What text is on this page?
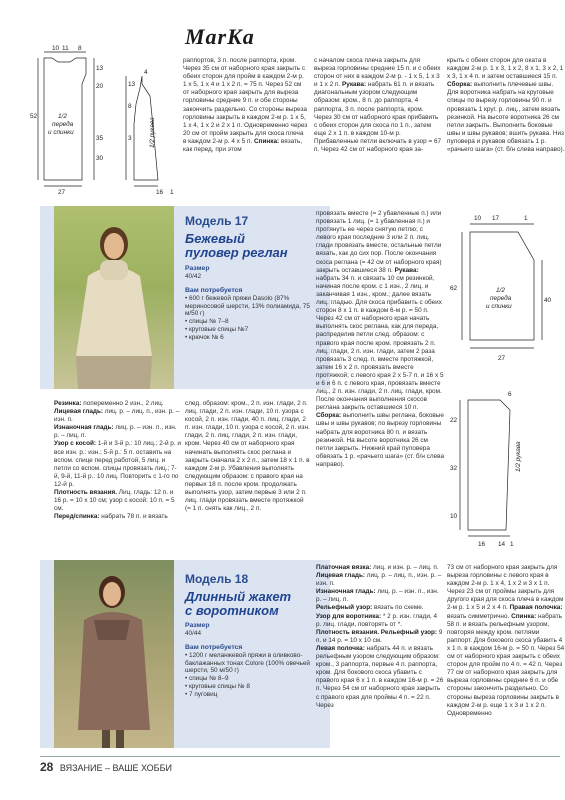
MarKa
10 11 8
13
20
52	1/2
переда
и спинки
35
30
27
13
4
1/2 рукава
16 1
3
8
раппортов, 3 п. после раппорта, кром. Через 35 см от наборного края закрыть с обеих сторон для пройм в каждом 2-м р. 1 х 5, 1 х 4 и 1 х 2 п. = 75 п. Через 52 см от наборного края закрыть для выреза горловины средние 9 п. и обе стороны закончить раздельно. Со стороны выреза горловины закрыть в каждом 2-м р. 1 х 5, 1 х 4, 1 х 2 и 2 х 1 п. Одновременно через 20 см от пройм закрыть для скоса плеча в каждом 2-м р. 4 х 5 п. Спинка: вязать, как перед, при этом
с началом скоса плеча закрыть для выреза горловины средние 15 п. и с обеих сторон от них в каждом 2-м р. - 1 х 5, 1 х 3 и 1 х 2 п. Рукава: набрать 61 п. и вязать диагональным узором следующим образом: кром., 8 п. до раппорта, 4 раппорта, 3 п. после раппорта, кром. Через 30 см от наборного края прибавить с обеих сторон для скоса по 1 п., затем еще 2 х 1 п. в каждом 10-м р. Прибавленные петли включать в узор = 67 п. Через 42 см от наборного края за-
крыть с обеих сторон для окатa в каждом 2-м р. 1 х 3, 1 х 2, 8 х 1, 3 х 2, 1 х 3, 1 х 4 п. и затем оставшиеся 15 п. Сборка: выполнить плечевые швы. Для воротника набрать на круговые спицы по вырезу горловины 90 п. и провязать 1 круг. р. лиц., затем вязать резинкой. На высоте воротника 26 см петли закрыть. Выполнить боковые швы и швы рукавов; вшить рукава. Низ пуловера и рукавов обвязать 1 р. «рачьего шага» (ст. б/н слева направо).
Модель 17
Бежевый
пуловер реглан
Размер
40/42
Вам потребуется
• 600 г бежевой пряжи Dasolo (87% мериносовой шерсти, 13% полиамида, 75 м/50 г)
• спицы № 7–8
• круговые спицы №7
• крючок № 6
провязать вместе (= 2 убавленные п.) или провязать 1 лиц. (= 1 убавленная п.) и протянуть ее через снятую петлю; с левого края последние 3 или 2 п. лиц. глади провязать вместе, остальные петли вязать, как до сих пор. После окончания скоса реглана (= 42 см от наборного края) закрыть оставшиеся 38 п. Рукава: набрать 34 п. и связать 10 см резинкой, начиная после кром. с 1 изн., 2 лиц. и заканчивая 1 изн., кром.; далее вязать лиц. гладью. Для скоса прибавить с обеих сторон 8 х 1 п. в каждом 6-м р. = 50 п. Через 42 см от наборного края начать выполнять скос реглана, как для переда, распределив петли след. образом: с правого края после кром. провязать 2 п. лиц. глади, 2 п. изн. глади, затем 2 раза провязать 3 след. п. вместе протяжкой, затем 16 х 2 п. провязать вместе протяжкой; с левого края 2 х 5-7 п. и 16 х 5 и 6 и 6 п. с левого края, провязать вместе лиц., 2 п. изн. глади, 2 п. лиц. глади, кром. После окончания выполнения скосов реглана закрыть оставшиеся 10 п. Сборка: выполнить швы реглана, боковые швы и швы рукавов; по вырезу горловины набрать для воротника 80 п. и вязать резинкой. На высоте воротника 26 см петли закрыть. Нижний край пуловера обвязать 1 р. «рачьего шага» (ст. б/н слева направо).
Резинка: попеременно 2 изн., 2 лиц.
Лицевая гладь: лиц. р. – лиц. п., изн. р. – изн. п.
Изнаночная гладь: лиц. р. – изн. п., изн. р. – лиц. п.
Узор с косой: 1-й и 3-й р.: 10 лиц.; 2-й р. и все изн. р.: изн.; 5-й р.: 5 п. оставить на вспом. спице перед работой, 5 лиц. и петли со вспом. спицы провязать лиц.; 7-й, 9-й, 11-й р.: 10 лиц. Повторить с 1-го по 12-й р.
Плотность вязания. Лиц. гладь: 12 п. и 16 р. = 10 х 10 см; узор с косой: 10 п. = 5 см.
Перед/спинка: набрать 78 п. и вязать
след. образом: кром., 2 п. изн. глади, 2 п. лиц. глади, 2 п. изн. глади, 10 п. узора с косой, 2 п. изн. глади, 40 п. лиц. глади, 2 п. изн. глади, 10 п. узора с косой, 2 п. изн. глади, 2 п. лиц. глади, 2 п. изн. глади, кром. Через 40 см от наборного края начинать выполнять скос реглана и закрыть сначала 2 х 2 п., затем 18 х 1 п. в каждом 2-м р. Убавления выполнять следующим образом: с правого края на первых 18 п. после кром. продолжать выполнять узор, затем первые 3 или 2 п. лиц. глади провязать вместе протяжкой (= 1 п. снять как лиц., 2 п.
10 17	1
62	1/2
переда
и спинки
40
27
6
22
32	1/2 рукава
10
16 14 1
Модель 18
Длинный жакет
с воротником
Размер
40/44
Вам потребуется
• 1200 г меланжевой пряжи в оливково-баклажанных тонах Colore (100% овечьей шерсти, 50 м/50 г)
• спицы № 8–9
• круговые спицы № 8
• 7 пуговиц
Платочная вязка: лиц. и изн. р. – лиц. п.
Лицевая гладь: лиц. р. – лиц. п., изн. р. – изн. п.
Изнаночная гладь: лиц. р. – изн. п., изн. р. – лиц. п.
Рельефный узор: вязать по схеме.
Узор для воротника: * 2 р. изн. глади, 4 р. лиц. глади, повторять от *.
Плотность вязания. Рельефный узор: 9 п. и 14 р. = 10 х 10 см.
Левая полочка: набрать 44 п. и вязать рельефным узором следующим образом: кром., 3 раппорта, первые 4 п. раппорта, кром. Для бокового скоса убавить с правого края 6 х 1 п. в каждом 16-м р. = 26 п. Через 54 см от наборного края закрыть с правого края для проймы 4 п. = 22 п. Через
73 см от наборного края закрыть для выреза горловины с левого края в каждом 2-м р. 1 х 4, 1 х 2 и 3 х 1 п. Через 23 см от проймы закрыть для другого края для скоса плеча в каждом 2-м р. 1 х 5 и 2 х 4 п. Правая полочка: вязать симметрично. Спинка: набрать 58 п. и вязать рельефным узором, повторяя между кром. петлями раппорт. Для бокового скоса убавить 4 х 1 п. в каждом 16-м р. = 50 п. Через 54 см от наборного края закрыть с обеих сторон для пройм по 4 п. = 42 п. Через 77 см от наборного края закрыть для выреза горловины средние 6 п. и обе стороны закончить раздельно. Со стороны выреза горловины закрыть в каждом 2-м р. еще 1 х 3 и 1 х 2 п. Одновременно
28 ВЯЗАНИЕ – ВАШЕ ХОББИ
